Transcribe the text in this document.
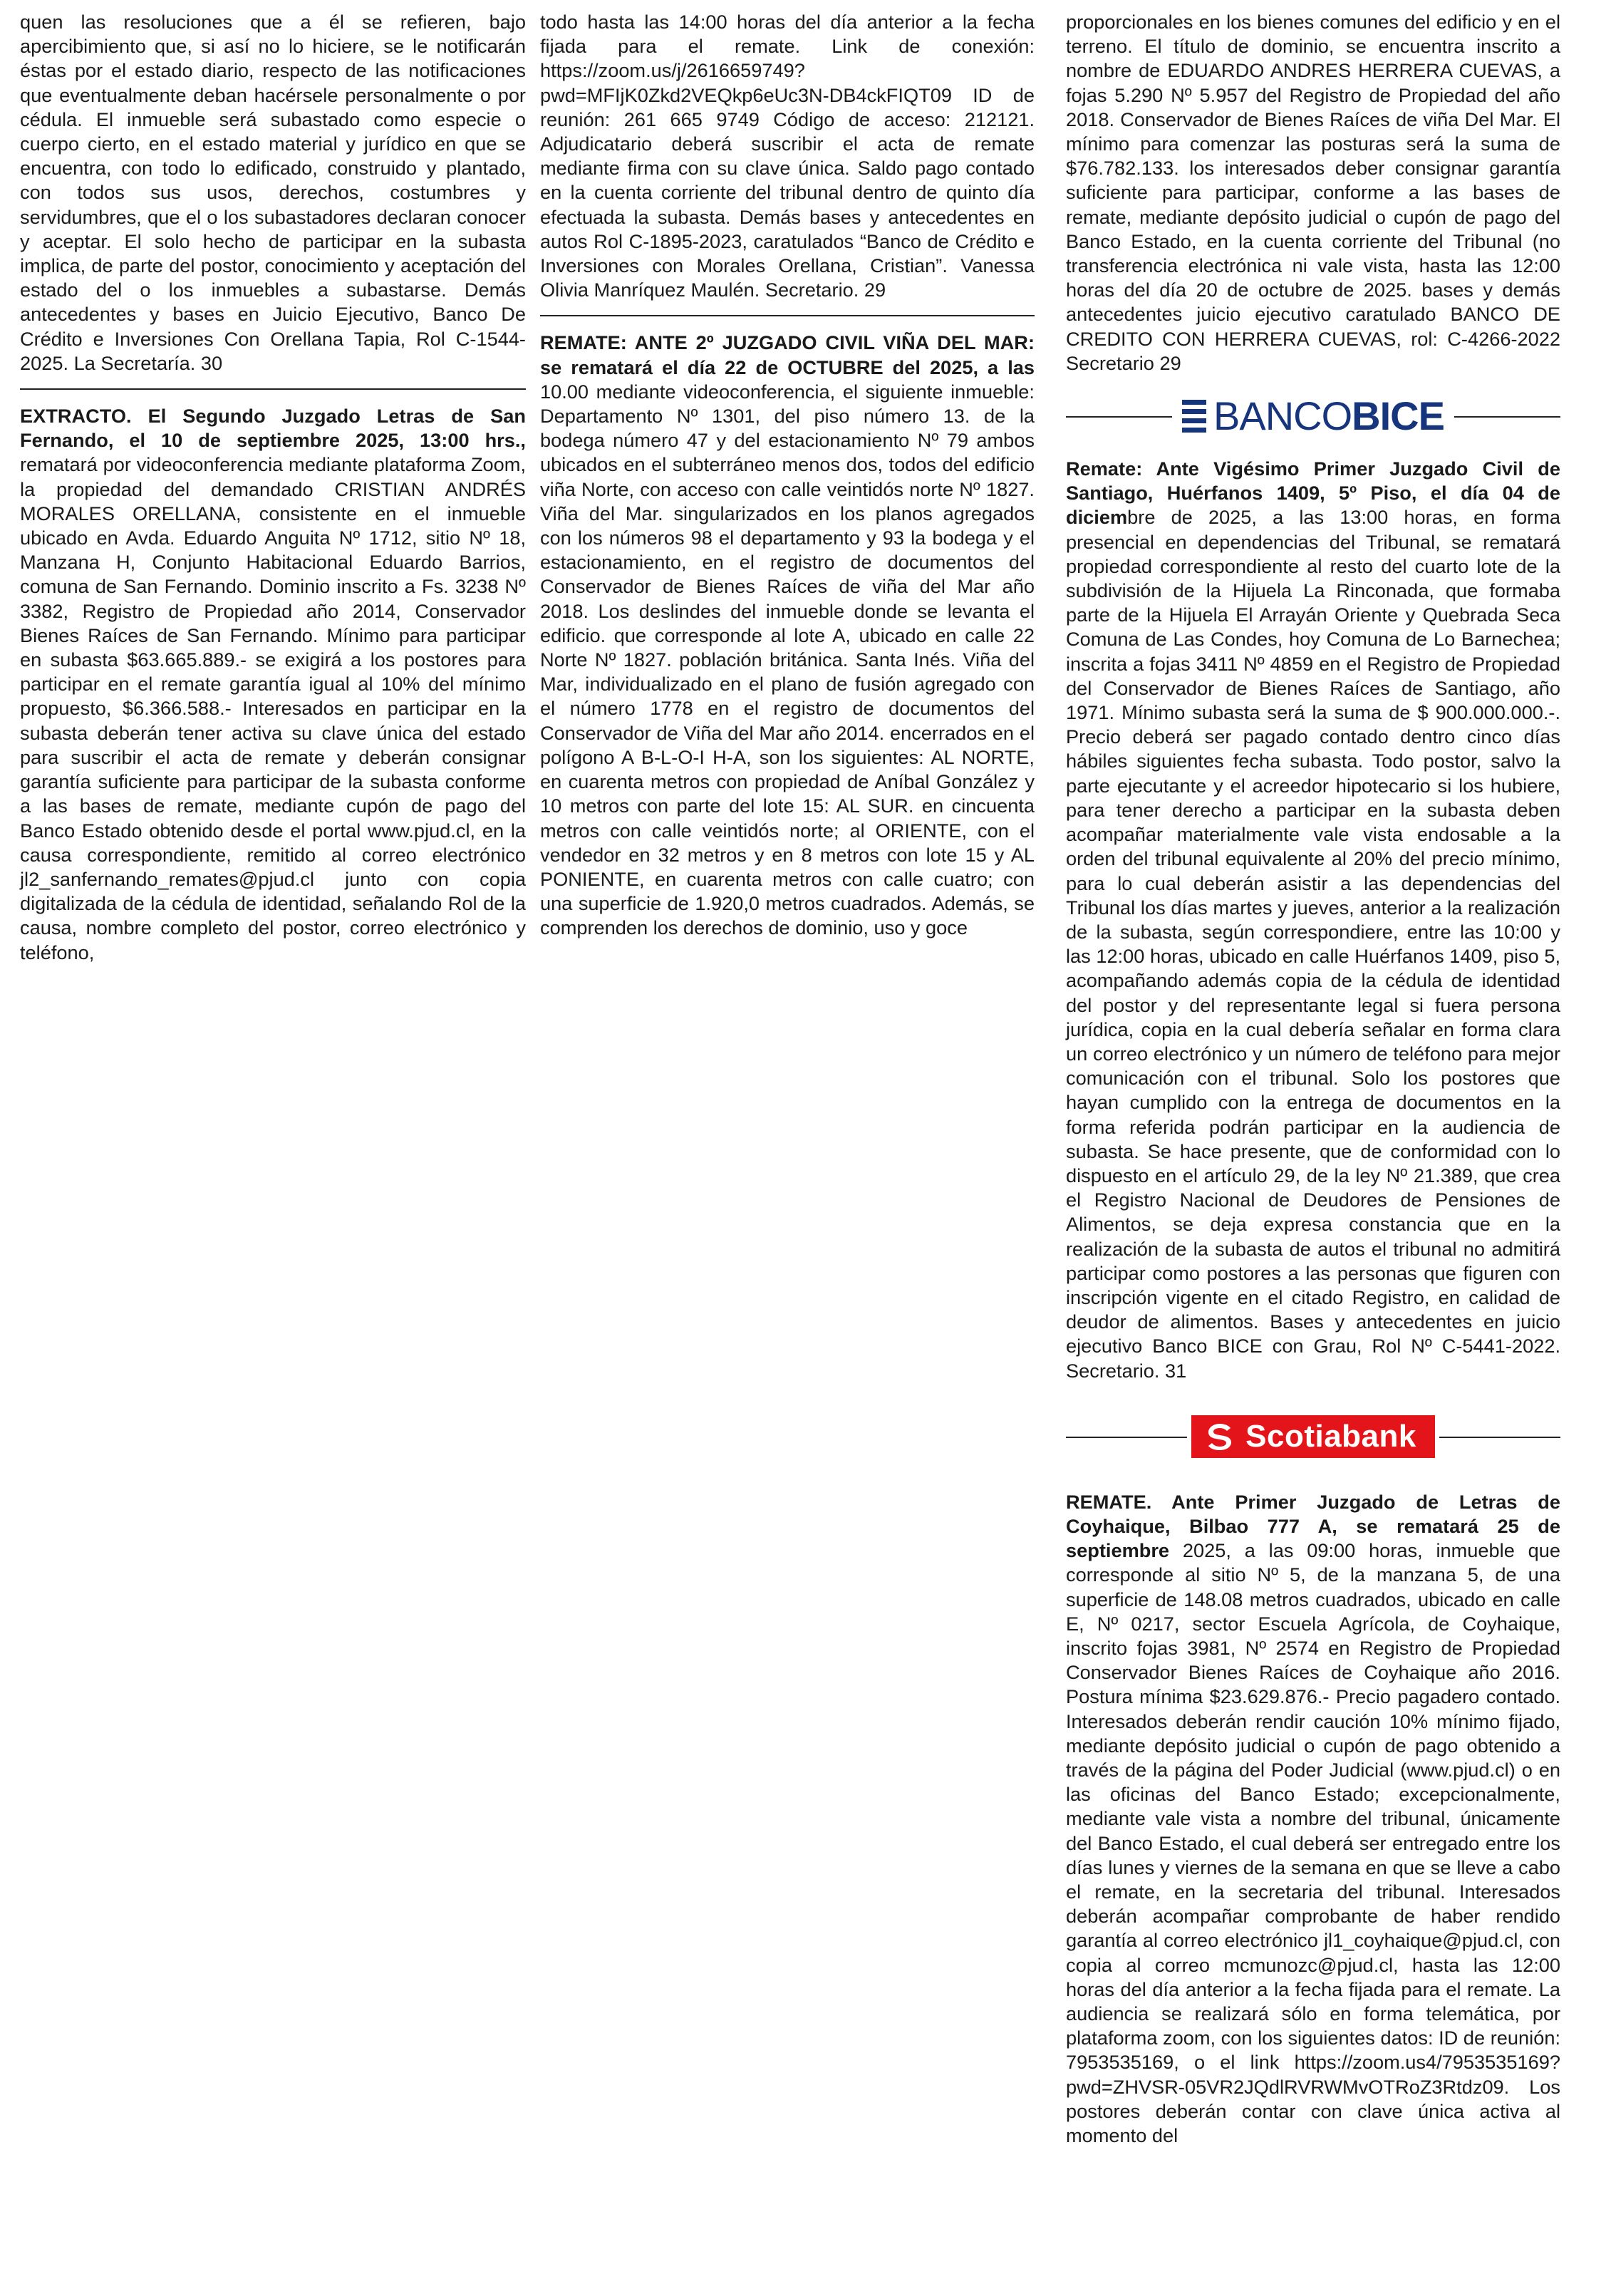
quen las resoluciones que a él se refieren, bajo apercibimiento que, si así no lo hiciere, se le notificarán éstas por el estado diario, respecto de las notificaciones que eventualmente deban hacérsele personalmente o por cédula. El inmueble será subastado como especie o cuerpo cierto, en el estado material y jurídico en que se encuentra, con todo lo edificado, construido y plantado, con todos sus usos, derechos, costumbres y servidumbres, que el o los subastadores declaran conocer y aceptar. El solo hecho de participar en la subasta implica, de parte del postor, conocimiento y aceptación del estado del o los inmuebles a subastarse. Demás antecedentes y bases en Juicio Ejecutivo, Banco De Crédito e Inversiones Con Orellana Tapia, Rol C-1544-2025. La Secretaría. 30

EXTRACTO. El Segundo Juzgado Letras de San Fernando, el 10 de septiembre 2025, 13:00 hrs., rematará por videoconferencia mediante plataforma Zoom, la propiedad del demandado CRISTIAN ANDRÉS MORALES ORELLANA, consistente en el inmueble ubicado en Avda. Eduardo Anguita Nº 1712, sitio Nº 18, Manzana H, Conjunto Habitacional Eduardo Barrios, comuna de San Fernando. Dominio inscrito a Fs. 3238 Nº 3382, Registro de Propiedad año 2014, Conservador Bienes Raíces de San Fernando. Mínimo para participar en subasta $63.665.889.- se exigirá a los postores para participar en el remate garantía igual al 10% del mínimo propuesto, $6.366.588.- Interesados en participar en la subasta deberán tener activa su clave única del estado para suscribir el acta de remate y deberán consignar garantía suficiente para participar de la subasta conforme a las bases de remate, mediante cupón de pago del Banco Estado obtenido desde el portal www.pjud.cl, en la causa correspondiente, remitido al correo electrónico jl2_sanfernando_remates@pjud.cl junto con copia digitalizada de la cédula de identidad, señalando Rol de la causa, nombre completo del postor, correo electrónico y teléfono,

todo hasta las 14:00 horas del día anterior a la fecha fijada para el remate. Link de conexión: https://zoom.us/j/2616659749?pwd=MFIjK0Zkd2VEQkp6eUc3N-DB4ckFIQT09 ID de reunión: 261 665 9749 Código de acceso: 212121. Adjudicatario deberá suscribir el acta de remate mediante firma con su clave única. Saldo pago contado en la cuenta corriente del tribunal dentro de quinto día efectuada la subasta. Demás bases y antecedentes en autos Rol C-1895-2023, caratulados “Banco de Crédito e Inversiones con Morales Orellana, Cristian”. Vanessa Olivia Manríquez Maulén. Secretario. 29

REMATE: ANTE 2º JUZGADO CIVIL VIÑA DEL MAR: se rematará el día 22 de OCTUBRE del 2025, a las 10.00 mediante videoconferencia, el siguiente inmueble: Departamento Nº 1301, del piso número 13. de la bodega número 47 y del estacionamiento Nº 79 ambos ubicados en el subterráneo menos dos, todos del edificio viña Norte, con acceso con calle veintidós norte Nº 1827. Viña del Mar. singularizados en los planos agregados con los números 98 el departamento y 93 la bodega y el estacionamiento, en el registro de documentos del Conservador de Bienes Raíces de viña del Mar año 2018. Los deslindes del inmueble donde se levanta el edificio. que corresponde al lote A, ubicado en calle 22 Norte Nº 1827. población británica. Santa Inés. Viña del Mar, individualizado en el plano de fusión agregado con el número 1778 en el registro de documentos del Conservador de Viña del Mar año 2014. encerrados en el polígono A B-L-O-I H-A, son los siguientes: AL NORTE, en cuarenta metros con propiedad de Aníbal González y 10 metros con parte del lote 15: AL SUR. en cincuenta metros con calle veintidós norte; al ORIENTE, con el vendedor en 32 metros y en 8 metros con lote 15 y AL PONIENTE, en cuarenta metros con calle cuatro; con una superficie de 1.920,0 metros cuadrados. Además, se comprenden los derechos de dominio, uso y goce

proporcionales en los bienes comunes del edificio y en el terreno. El título de dominio, se encuentra inscrito a nombre de EDUARDO ANDRES HERRERA CUEVAS, a fojas 5.290 Nº 5.957 del Registro de Propiedad del año 2018. Conservador de Bienes Raíces de viña Del Mar. El mínimo para comenzar las posturas será la suma de $76.782.133. los interesados deber consignar garantía suficiente para participar, conforme a las bases de remate, mediante depósito judicial o cupón de pago del Banco Estado, en la cuenta corriente del Tribunal (no transferencia electrónica ni vale vista, hasta las 12:00 horas del día 20 de octubre de 2025. bases y demás antecedentes juicio ejecutivo caratulado BANCO DE CREDITO CON HERRERA CUEVAS, rol: C-4266-2022 Secretario 29

BANCOBICE

Remate: Ante Vigésimo Primer Juzgado Civil de Santiago, Huérfanos 1409, 5º Piso, el día 04 de diciembre de 2025, a las 13:00 horas, en forma presencial en dependencias del Tribunal, se rematará propiedad correspondiente al resto del cuarto lote de la subdivisión de la Hijuela La Rinconada, que formaba parte de la Hijuela El Arrayán Oriente y Quebrada Seca Comuna de Las Condes, hoy Comuna de Lo Barnechea; inscrita a fojas 3411 Nº 4859 en el Registro de Propiedad del Conservador de Bienes Raíces de Santiago, año 1971. Mínimo subasta será la suma de $ 900.000.000.-. Precio deberá ser pagado contado dentro cinco días hábiles siguientes fecha subasta. Todo postor, salvo la parte ejecutante y el acreedor hipotecario si los hubiere, para tener derecho a participar en la subasta deben acompañar materialmente vale vista endosable a la orden del tribunal equivalente al 20% del precio mínimo, para lo cual deberán asistir a las dependencias del Tribunal los días martes y jueves, anterior a la realización de la subasta, según correspondiere, entre las 10:00 y las 12:00 horas, ubicado en calle Huérfanos 1409, piso 5, acompañando además copia de la cédula de identidad del postor y del representante legal si fuera persona jurídica, copia en la cual debería señalar en forma clara un correo electrónico y un número de teléfono para mejor comunicación con el tribunal. Solo los postores que hayan cumplido con la entrega de documentos en la forma referida podrán participar en la audiencia de subasta. Se hace presente, que de conformidad con lo dispuesto en el artículo 29, de la ley Nº 21.389, que crea el Registro Nacional de Deudores de Pensiones de Alimentos, se deja expresa constancia que en la realización de la subasta de autos el tribunal no admitirá participar como postores a las personas que figuren con inscripción vigente en el citado Registro, en calidad de deudor de alimentos. Bases y antecedentes en juicio ejecutivo Banco BICE con Grau, Rol Nº C-5441-2022. Secretario. 31

Scotiabank

REMATE. Ante Primer Juzgado de Letras de Coyhaique, Bilbao 777 A, se rematará 25 de septiembre 2025, a las 09:00 horas, inmueble que corresponde al sitio Nº 5, de la manzana 5, de una superficie de 148.08 metros cuadrados, ubicado en calle E, Nº 0217, sector Escuela Agrícola, de Coyhaique, inscrito fojas 3981, Nº 2574 en Registro de Propiedad Conservador Bienes Raíces de Coyhaique año 2016. Postura mínima $23.629.876.- Precio pagadero contado. Interesados deberán rendir caución 10% mínimo fijado, mediante depósito judicial o cupón de pago obtenido a través de la página del Poder Judicial (www.pjud.cl) o en las oficinas del Banco Estado; excepcionalmente, mediante vale vista a nombre del tribunal, únicamente del Banco Estado, el cual deberá ser entregado entre los días lunes y viernes de la semana en que se lleve a cabo el remate, en la secretaria del tribunal. Interesados deberán acompañar comprobante de haber rendido garantía al correo electrónico jl1_coyhaique@pjud.cl, con copia al correo mcmunozc@pjud.cl, hasta las 12:00 horas del día anterior a la fecha fijada para el remate. La audiencia se realizará sólo en forma telemática, por plataforma zoom, con los siguientes datos: ID de reunión: 7953535169, o el link https://zoom.us4/7953535169?pwd=ZHVSR-05VR2JQdlRVRWMvOTRoZ3Rtdz09. Los postores deberán contar con clave única activa al momento del
